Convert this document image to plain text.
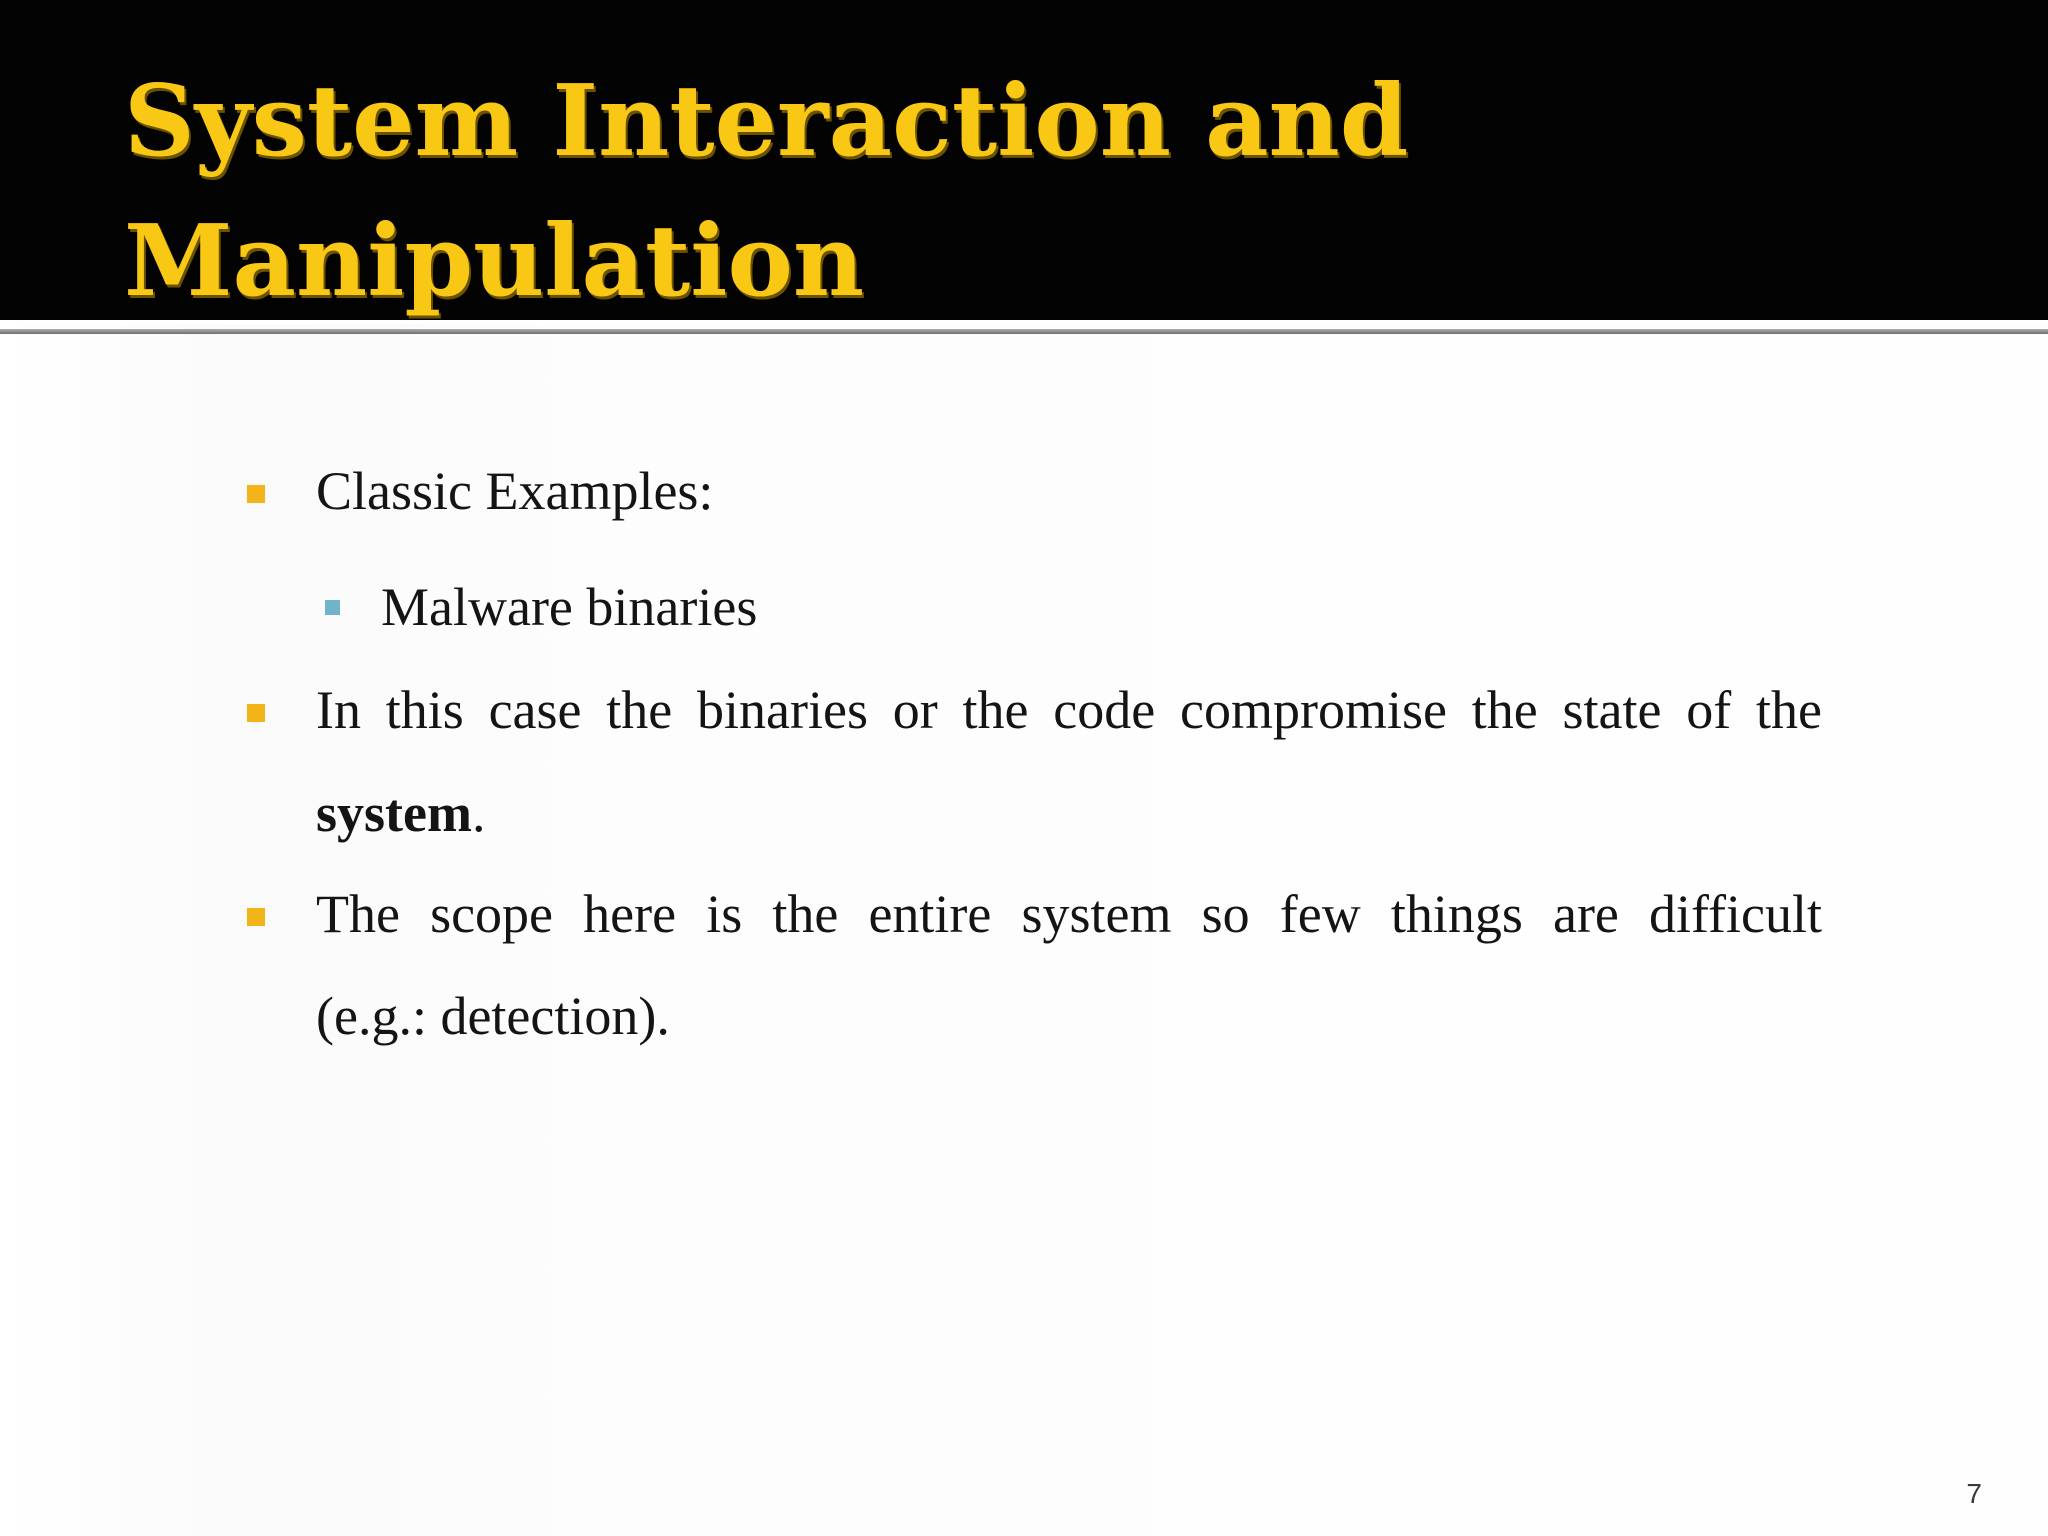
System Interaction and
Manipulation

Classic Examples:

Malware binaries

In this case the binaries or the code compromise the state of the

system.

The scope here is the entire system so few things are difficult

(e.g.: detection).

7
